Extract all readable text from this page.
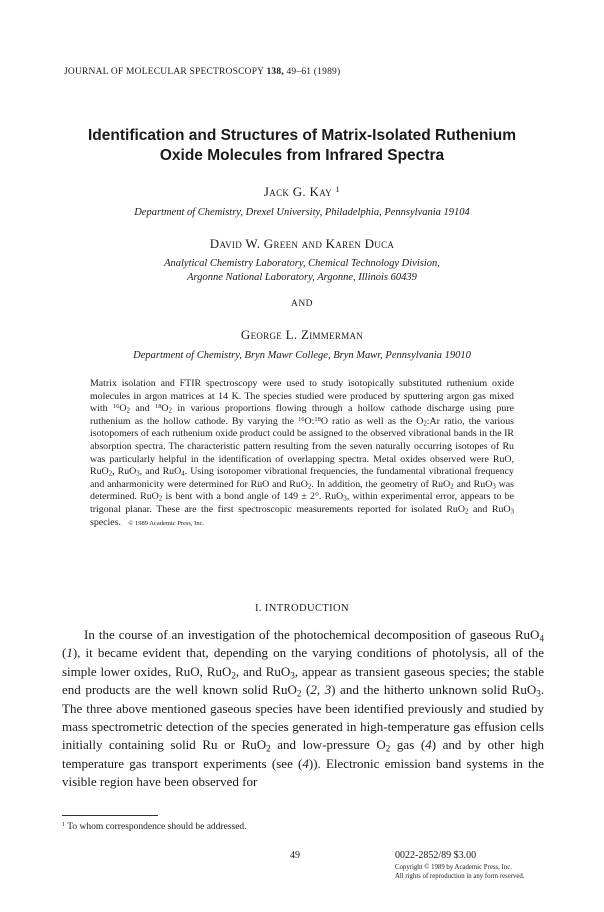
JOURNAL OF MOLECULAR SPECTROSCOPY 138, 49–61 (1989)
Identification and Structures of Matrix-Isolated Ruthenium
Oxide Molecules from Infrared Spectra
Jack G. Kay $^1$
Department of Chemistry, Drexel University, Philadelphia, Pennsylvania 19104
David W. Green and Karen Duca
Analytical Chemistry Laboratory, Chemical Technology Division,
Argonne National Laboratory, Argonne, Illinois 60439
AND
George L. Zimmerman
Department of Chemistry, Bryn Mawr College, Bryn Mawr, Pennsylvania 19010
Matrix isolation and FTIR spectroscopy were used to study isotopically substituted ruthenium oxide molecules in argon matrices at 14 K. The species studied were produced by sputtering argon gas mixed with $^{16}O_2$ and $^{18}O_2$ in various proportions flowing through a hollow cathode discharge using pure ruthenium as the hollow cathode. By varying the $^{16}$O:$^{18}$O ratio as well as the $O_2:Ar$ ratio, the various isotopomers of each ruthenium oxide product could be assigned to the observed vibrational bands in the IR absorption spectra. The characteristic pattern resulting from the seven naturally occurring isotopes of Ru was particularly helpful in the identification of overlapping spectra. Metal oxides observed were RuO, RuO$_2$, RuO$_3$, and RuO$_4$. Using isotopomer vibrational frequencies, the fundamental vibrational frequency and anharmonicity were determined for RuO and RuO$_2$. In addition, the geometry of RuO$_2$ and RuO$_3$ was determined. RuO$_2$ is bent with a bond angle of 149 ± 2°. RuO$_3$, within experimental error, appears to be trigonal planar. These are the first spectroscopic measurements reported for isolated RuO$_2$ and RuO$_3$ species. © 1989 Academic Press, Inc.
I. INTRODUCTION

In the course of an investigation of the photochemical decomposition of gaseous RuO$_4$ (1), it became evident that, depending on the varying conditions of photolysis, all of the simple lower oxides, RuO, RuO$_2$, and RuO$_3$, appear as transient gaseous species; the stable end products are the well known solid RuO$_2$ (2, 3) and the hitherto unknown solid RuO$_3$. The three above mentioned gaseous species have been identified previously and studied by mass spectrometric detection of the species generated in high-temperature gas effusion cells initially containing solid Ru or RuO$_2$ and low-pressure $O_2$ gas (4) and by other high temperature gas transport experiments (see (4)). Electronic emission band systems in the visible region have been observed for

$^1$ To whom correspondence should be addressed.
49	0022-2852/89 $3.00
Copyright © 1989 by Academic Press, Inc.
All rights of reproduction in any form reserved.
